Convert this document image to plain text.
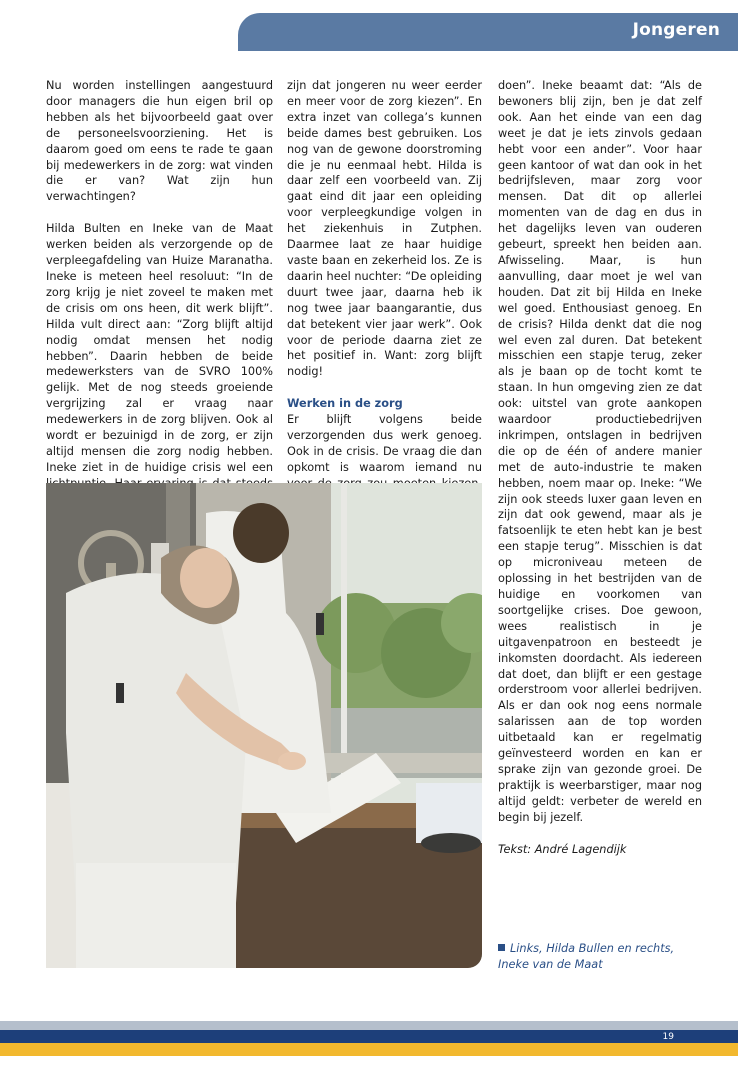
Jongeren

Nu worden instellingen aangestuurd door managers die hun eigen bril op hebben als het bijvoorbeeld gaat over de personeelsvoorziening. Het is daarom goed om eens te rade te gaan bij medewerkers in de zorg: wat vinden die er van? Wat zijn hun verwachtingen?

Hilda Bulten en Ineke van de Maat werken beiden als verzorgende op de verpleegafdeling van Huize Maranatha. Ineke is meteen heel resoluut: “In de zorg krijg je niet zoveel te maken met de crisis om ons heen, dit werk blijft”. Hilda vult direct aan: “Zorg blijft altijd nodig omdat mensen het nodig hebben”. Daarin hebben de beide medewerksters van de SVRO 100% gelijk. Met de nog steeds groeiende vergrijzing zal er vraag naar medewerkers in de zorg blijven. Ook al wordt er bezuinigd in de zorg, er zijn altijd mensen die zorg nodig hebben. Ineke ziet in de huidige crisis wel een

zijn dat jongeren nu weer eerder en meer voor de zorg kiezen”. En extra inzet van collega’s kunnen beide dames best gebruiken. Los nog van de gewone doorstroming die je nu eenmaal hebt. Hilda is daar zelf een voorbeeld van. Zij gaat eind dit jaar een opleiding voor verpleegkundige volgen in het ziekenhuis in Zutphen. Daarmee laat ze haar huidige vaste baan en zekerheid los. Ze is daarin heel nuchter: “De opleiding duurt twee jaar, daarna heb ik nog twee jaar baangarantie, dus dat betekent vier jaar werk”. Ook voor de periode daarna ziet ze het positief in. Want: zorg blijft nodig!

Werken in de zorg

Er blijft volgens beide verzorgenden dus werk genoeg. Ook in de crisis. De vraag die dan opkomt is waarom iemand nu

doen”. Ineke beaamt dat: “Als de bewoners blij zijn, ben je dat zelf ook. Aan het einde van een dag weet je dat je iets zinvols gedaan hebt voor een ander”. Voor haar geen kantoor of wat dan ook in het bedrijfsleven, maar zorg voor mensen. Dat dit op allerlei momenten van de dag en dus in het dagelijks leven van ouderen gebeurt, spreekt hen beiden aan. Afwisseling. Maar, is hun aanvulling, daar moet je wel van houden. Dat zit bij Hilda en Ineke wel goed. Enthousiast genoeg. En de crisis? Hilda denkt dat die nog wel even zal duren. Dat betekent misschien een stapje terug, zeker als je baan op de tocht komt te staan. In hun omgeving zien ze dat ook: uitstel van grote aankopen waardoor productiebedrijven inkrimpen, ontslagen in bedrijven die op de één of andere manier met de auto-industrie te maken hebben, noem maar op. Ineke: “We zijn ook steeds luxer gaan leven en zijn dat ook gewend, maar als je fatsoenlijk te eten hebt kan je best een stapje terug”. Misschien is dat op microniveau meteen de oplossing in het bestrijden van de huidige en voorkomen van soortgelijke crises. Doe gewoon, wees realistisch in je uitgavenpatroon en besteedt je inkomsten doordacht. Als iedereen dat doet, dan blijft er een gestage orderstroom voor allerlei bedrijven. Als er dan ook nog eens normale salarissen aan de top worden uitbetaald kan er regelmatig geïnvesteerd worden en kan er sprake zijn van gezonde groei. De praktijk is weerbarstiger, maar nog altijd geldt: verbeter de wereld en begin bij jezelf.

Tekst: André Lagendijk

Links, Hilda Bullen en rechts, Ineke van de Maat
19
